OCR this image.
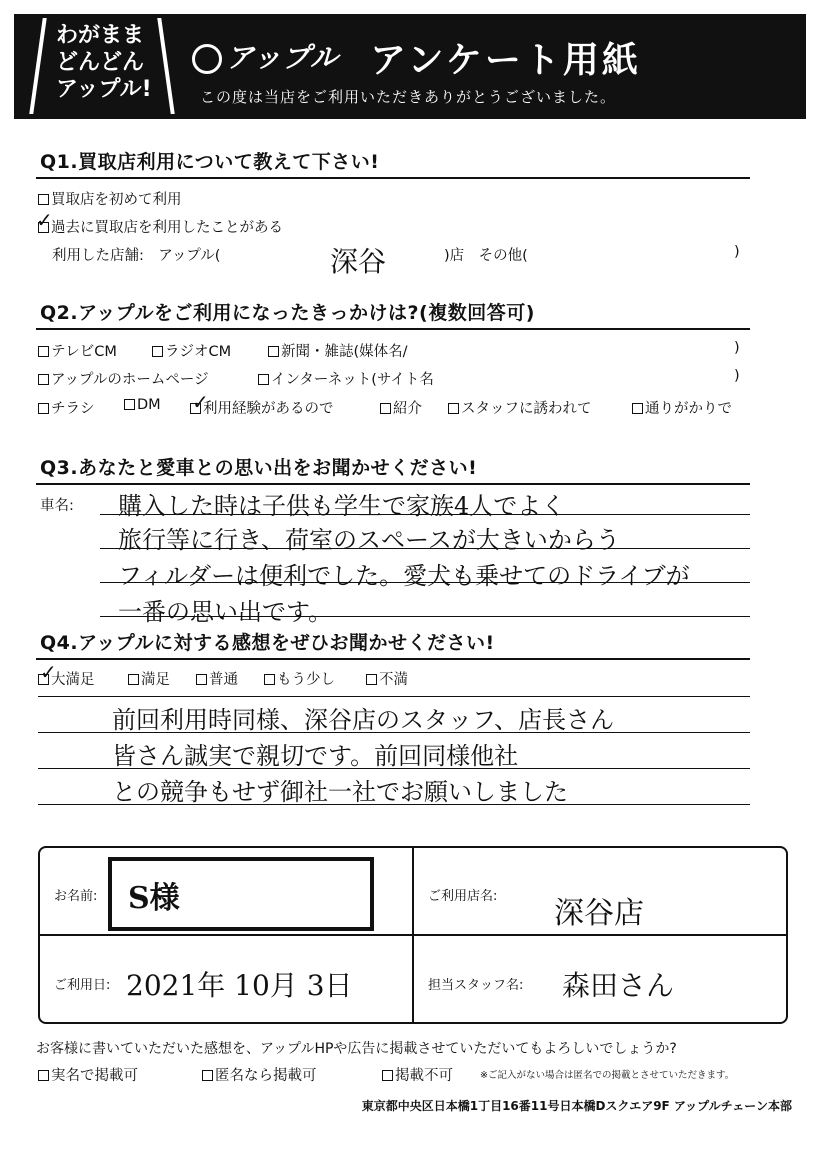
わがまま
どんどん
アップル!
アップル アンケート用紙
この度は当店をご利用いただきありがとうございました。
Q1.買取店利用について教えて下さい!
買取店を初めて利用
過去に買取店を利用したことがある
✓
利用した店舗:　アップル(	深谷	)店　その他(	)
Q2.アップルをご利用になったきっかけは?(複数回答可)
テレビCM	ラジオCM	新聞・雑誌(媒体名/	)
アップルのホームページ	インターネット(サイト名	)
チラシ	DM	利用経験があるので
✓	紹介	スタッフに誘われて	通りがかりで
Q3.あなたと愛車との思い出をお聞かせください!
車名: 購入した時は子供も学生で家族4人でよく
旅行等に行き、荷室のスペースが大きいからう
フィルダーは便利でした。愛犬も乗せてのドライブが
一番の思い出です。
Q4.アップルに対する感想をぜひお聞かせください!
大満足
✓	満足	普通	もう少し	不満
前回利用時同様、深谷店のスタッフ、店長さん
皆さん誠実で親切です。前回同様他社
との競争もせず御社一社でお願いしました
お名前: S様	ご利用店名: 深谷店
ご利用日: 2021年 10月 3日	担当スタッフ名: 森田さん
お客様に書いていただいた感想を、アップルHPや広告に掲載させていただいてもよろしいでしょうか?
実名で掲載可	匿名なら掲載可	掲載不可	※ご記入がない場合は匿名での掲載とさせていただきます。
東京都中央区日本橋1丁目16番11号日本橋Dスクエア9F アップルチェーン本部
